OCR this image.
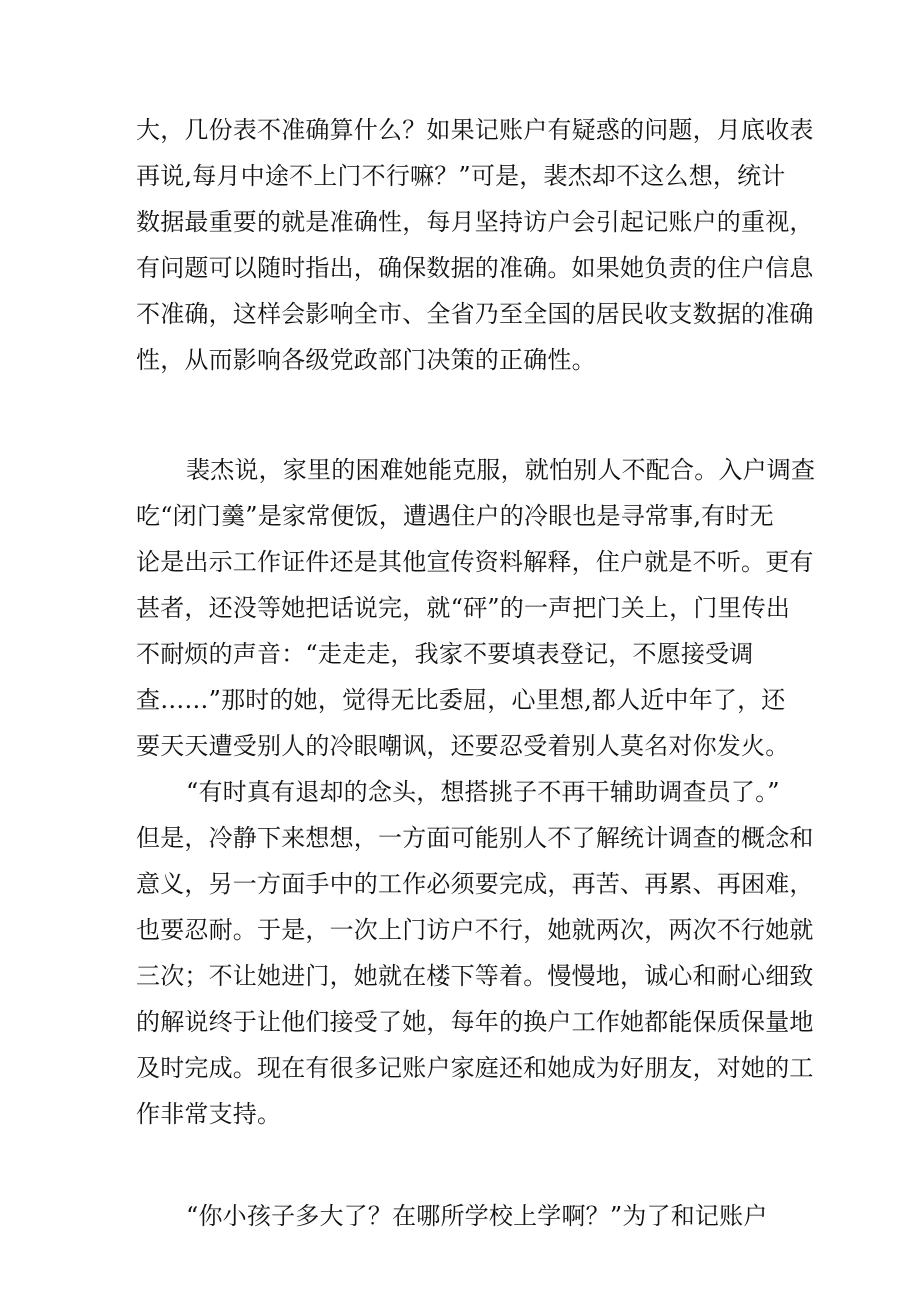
大，几份表不准确算什么？如果记账户有疑惑的问题，月底收表
再说,每月中途不上门不行嘛？”可是，裴杰却不这么想，统计
数据最重要的就是准确性，每月坚持访户会引起记账户的重视，
有问题可以随时指出，确保数据的准确。如果她负责的住户信息
不准确，这样会影响全市、全省乃至全国的居民收支数据的准确
性，从而影响各级党政部门决策的正确性。
裴杰说，家里的困难她能克服，就怕别人不配合。入户调查
吃“闭门羹”是家常便饭，遭遇住户的冷眼也是寻常事,有时无
论是出示工作证件还是其他宣传资料解释，住户就是不听。更有
甚者，还没等她把话说完，就“砰”的一声把门关上，门里传出
不耐烦的声音：“走走走，我家不要填表登记，不愿接受调
查……”那时的她，觉得无比委屈，心里想,都人近中年了，还
要天天遭受别人的冷眼嘲讽，还要忍受着别人莫名对你发火。
“有时真有退却的念头，想搭挑子不再干辅助调查员了。”
但是，冷静下来想想，一方面可能别人不了解统计调查的概念和
意义，另一方面手中的工作必须要完成，再苦、再累、再困难，
也要忍耐。于是，一次上门访户不行，她就两次，两次不行她就
三次；不让她进门，她就在楼下等着。慢慢地，诚心和耐心细致
的解说终于让他们接受了她，每年的换户工作她都能保质保量地
及时完成。现在有很多记账户家庭还和她成为好朋友，对她的工
作非常支持。
“你小孩子多大了？在哪所学校上学啊？”为了和记账户
